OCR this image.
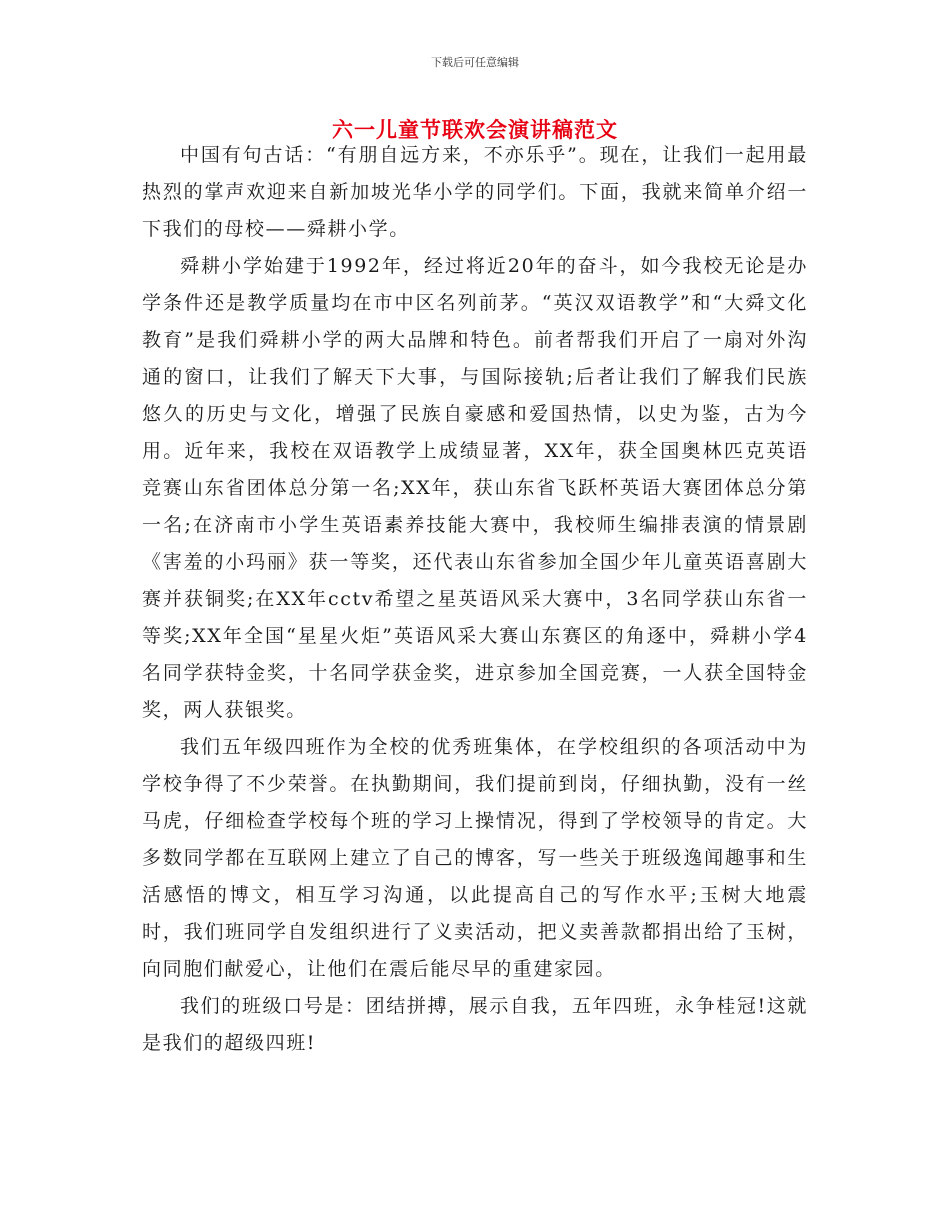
下载后可任意编辑
六一儿童节联欢会演讲稿范文

中国有句古话：“有朋自远方来，不亦乐乎”。现在，让我们一起用最热烈的掌声欢迎来自新加坡光华小学的同学们。下面，我就来简单介绍一下我们的母校——舜耕小学。

舜耕小学始建于1992年，经过将近20年的奋斗，如今我校无论是办学条件还是教学质量均在市中区名列前茅。“英汉双语教学”和“大舜文化教育”是我们舜耕小学的两大品牌和特色。前者帮我们开启了一扇对外沟通的窗口，让我们了解天下大事，与国际接轨;后者让我们了解我们民族悠久的历史与文化，增强了民族自豪感和爱国热情，以史为鉴，古为今用。近年来，我校在双语教学上成绩显著，XX年，获全国奥林匹克英语竞赛山东省团体总分第一名;XX年，获山东省飞跃杯英语大赛团体总分第一名;在济南市小学生英语素养技能大赛中，我校师生编排表演的情景剧《害羞的小玛丽》获一等奖，还代表山东省参加全国少年儿童英语喜剧大赛并获铜奖;在XX年cctv希望之星英语风采大赛中，3名同学获山东省一等奖;XX年全国“星星火炬”英语风采大赛山东赛区的角逐中，舜耕小学4名同学获特金奖，十名同学获金奖，进京参加全国竞赛，一人获全国特金奖，两人获银奖。

我们五年级四班作为全校的优秀班集体，在学校组织的各项活动中为学校争得了不少荣誉。在执勤期间，我们提前到岗，仔细执勤，没有一丝马虎，仔细检查学校每个班的学习上操情况，得到了学校领导的肯定。大多数同学都在互联网上建立了自己的博客，写一些关于班级逸闻趣事和生活感悟的博文，相互学习沟通，以此提高自己的写作水平;玉树大地震时，我们班同学自发组织进行了义卖活动，把义卖善款都捐出给了玉树，向同胞们献爱心，让他们在震后能尽早的重建家园。

我们的班级口号是：团结拼搏，展示自我，五年四班，永争桂冠!这就是我们的超级四班!
